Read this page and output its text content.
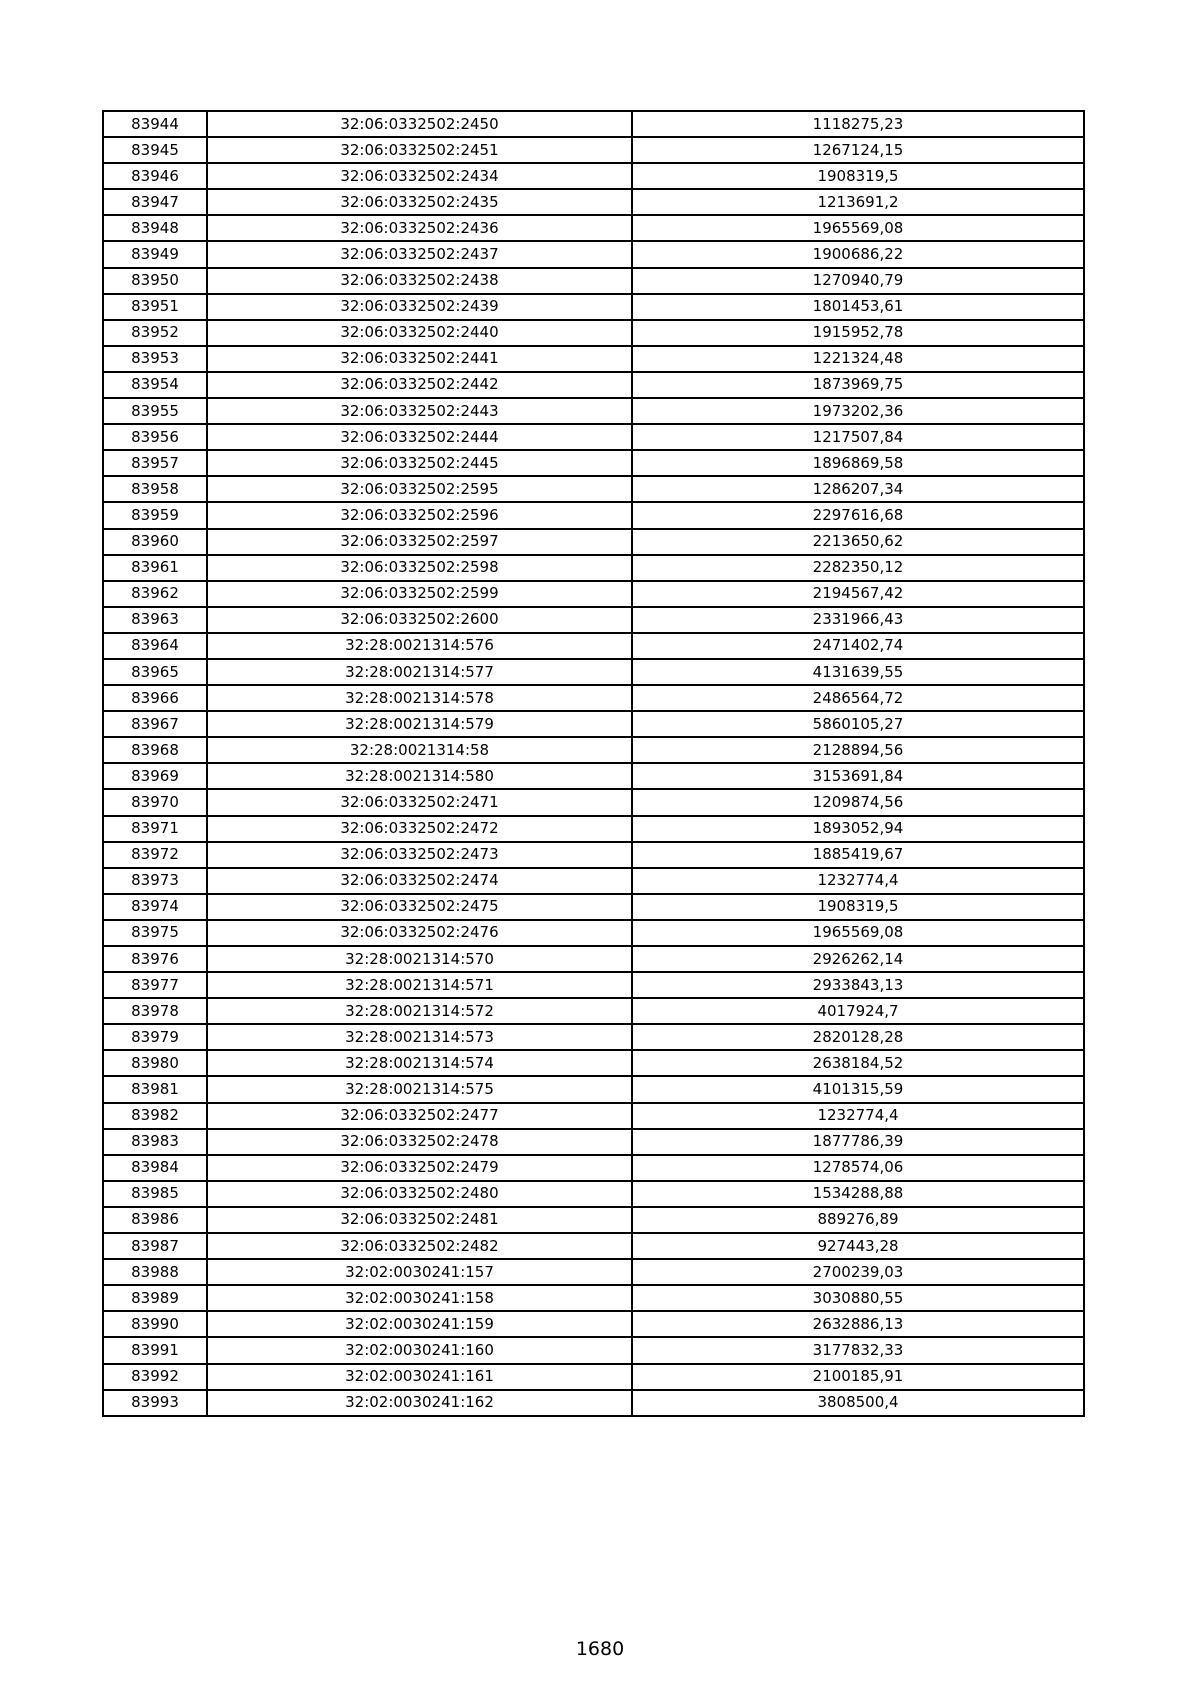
83944	32:06:0332502:2450	1118275,23
83945	32:06:0332502:2451	1267124,15
83946	32:06:0332502:2434	1908319,5
83947	32:06:0332502:2435	1213691,2
83948	32:06:0332502:2436	1965569,08
83949	32:06:0332502:2437	1900686,22
83950	32:06:0332502:2438	1270940,79
83951	32:06:0332502:2439	1801453,61
83952	32:06:0332502:2440	1915952,78
83953	32:06:0332502:2441	1221324,48
83954	32:06:0332502:2442	1873969,75
83955	32:06:0332502:2443	1973202,36
83956	32:06:0332502:2444	1217507,84
83957	32:06:0332502:2445	1896869,58
83958	32:06:0332502:2595	1286207,34
83959	32:06:0332502:2596	2297616,68
83960	32:06:0332502:2597	2213650,62
83961	32:06:0332502:2598	2282350,12
83962	32:06:0332502:2599	2194567,42
83963	32:06:0332502:2600	2331966,43
83964	32:28:0021314:576	2471402,74
83965	32:28:0021314:577	4131639,55
83966	32:28:0021314:578	2486564,72
83967	32:28:0021314:579	5860105,27
83968	32:28:0021314:58	2128894,56
83969	32:28:0021314:580	3153691,84
83970	32:06:0332502:2471	1209874,56
83971	32:06:0332502:2472	1893052,94
83972	32:06:0332502:2473	1885419,67
83973	32:06:0332502:2474	1232774,4
83974	32:06:0332502:2475	1908319,5
83975	32:06:0332502:2476	1965569,08
83976	32:28:0021314:570	2926262,14
83977	32:28:0021314:571	2933843,13
83978	32:28:0021314:572	4017924,7
83979	32:28:0021314:573	2820128,28
83980	32:28:0021314:574	2638184,52
83981	32:28:0021314:575	4101315,59
83982	32:06:0332502:2477	1232774,4
83983	32:06:0332502:2478	1877786,39
83984	32:06:0332502:2479	1278574,06
83985	32:06:0332502:2480	1534288,88
83986	32:06:0332502:2481	889276,89
83987	32:06:0332502:2482	927443,28
83988	32:02:0030241:157	2700239,03
83989	32:02:0030241:158	3030880,55
83990	32:02:0030241:159	2632886,13
83991	32:02:0030241:160	3177832,33
83992	32:02:0030241:161	2100185,91
83993	32:02:0030241:162	3808500,4
1680
